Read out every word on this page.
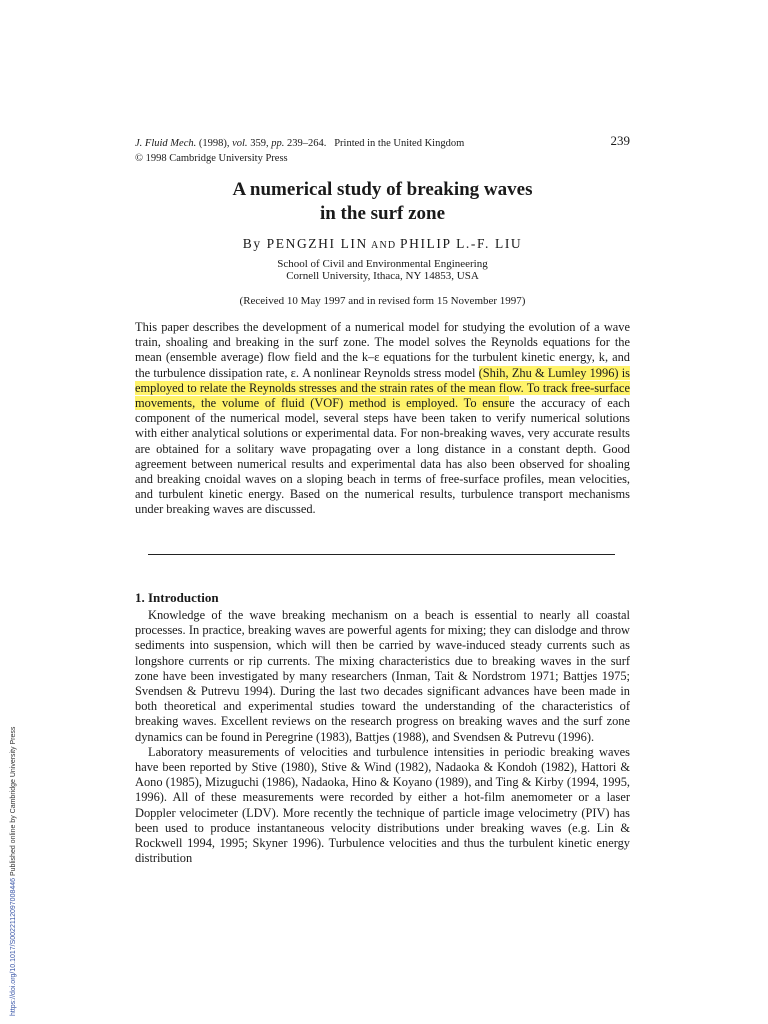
J. Fluid Mech. (1998), vol. 359, pp. 239–264. Printed in the United Kingdom
© 1998 Cambridge University Press
239
A numerical study of breaking waves
in the surf zone
By PENGZHI LIN AND PHILIP L.-F. LIU
School of Civil and Environmental Engineering
Cornell University, Ithaca, NY 14853, USA
(Received 10 May 1997 and in revised form 15 November 1997)
This paper describes the development of a numerical model for studying the evolution of a wave train, shoaling and breaking in the surf zone. The model solves the Reynolds equations for the mean (ensemble average) flow field and the k–ε equations for the turbulent kinetic energy, k, and the turbulence dissipation rate, ε. A nonlinear Reynolds stress model (Shih, Zhu & Lumley 1996) is employed to relate the Reynolds stresses and the strain rates of the mean flow. To track free-surface movements, the volume of fluid (VOF) method is employed. To ensure the accuracy of each component of the numerical model, several steps have been taken to verify numerical solutions with either analytical solutions or experimental data. For non-breaking waves, very accurate results are obtained for a solitary wave propagating over a long distance in a constant depth. Good agreement between numerical results and experimental data has also been observed for shoaling and breaking cnoidal waves on a sloping beach in terms of free-surface profiles, mean velocities, and turbulent kinetic energy. Based on the numerical results, turbulence transport mechanisms under breaking waves are discussed.
1. Introduction

Knowledge of the wave breaking mechanism on a beach is essential to nearly all coastal processes. In practice, breaking waves are powerful agents for mixing; they can dislodge and throw sediments into suspension, which will then be carried by wave-induced steady currents such as longshore currents or rip currents. The mixing characteristics due to breaking waves in the surf zone have been investigated by many researchers (Inman, Tait & Nordstrom 1971; Battjes 1975; Svendsen & Putrevu 1994). During the last two decades significant advances have been made in both theoretical and experimental studies toward the understanding of the characteristics of breaking waves. Excellent reviews on the research progress on breaking waves and the surf zone dynamics can be found in Peregrine (1983), Battjes (1988), and Svendsen & Putrevu (1996).

Laboratory measurements of velocities and turbulence intensities in periodic breaking waves have been reported by Stive (1980), Stive & Wind (1982), Nadaoka & Kondoh (1982), Hattori & Aono (1985), Mizuguchi (1986), Nadaoka, Hino & Koyano (1989), and Ting & Kirby (1994, 1995, 1996). All of these measurements were recorded by either a hot-film anemometer or a laser Doppler velocimeter (LDV). More recently the technique of particle image velocimetry (PIV) has been used to produce instantaneous velocity distributions under breaking waves (e.g. Lin & Rockwell 1994, 1995; Skyner 1996). Turbulence velocities and thus the turbulent kinetic energy distribution

https://doi.org/10.1017/S0022112097008446 Published online by Cambridge University Press
